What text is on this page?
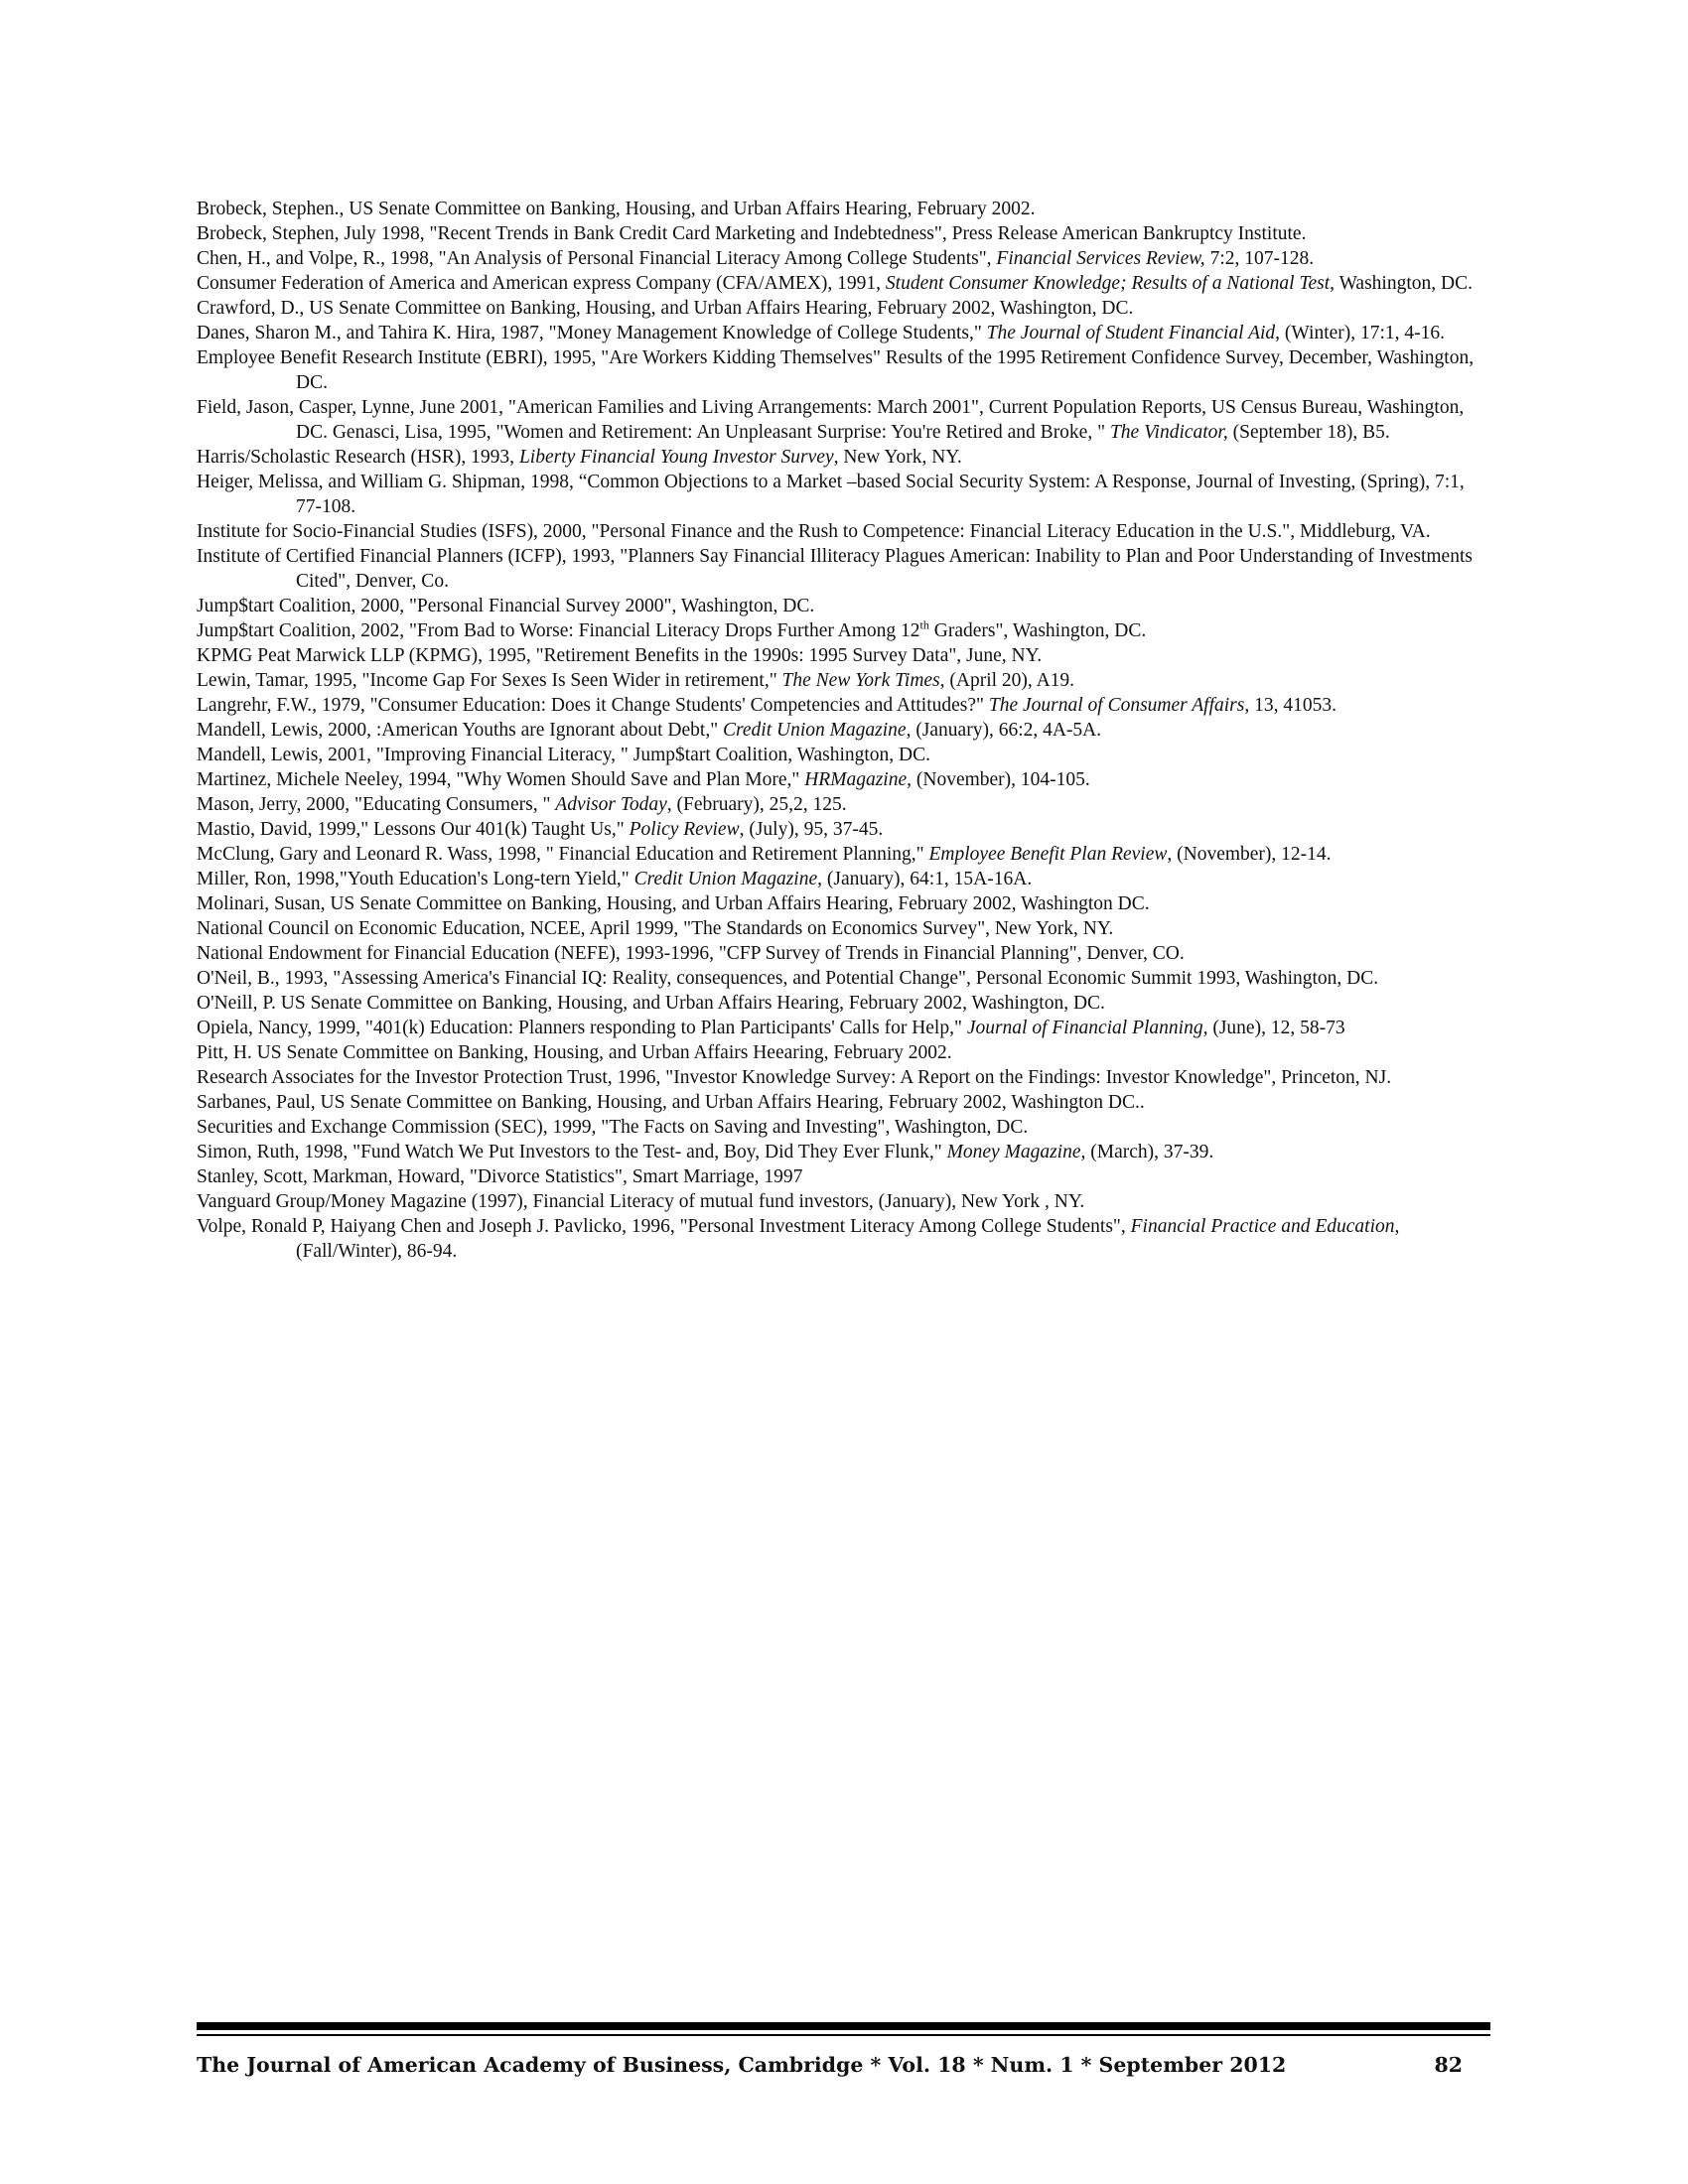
Brobeck, Stephen., US Senate Committee on Banking, Housing, and Urban Affairs Hearing, February 2002.

Brobeck, Stephen, July 1998, "Recent Trends in Bank Credit Card Marketing and Indebtedness", Press Release American Bankruptcy Institute.

Chen, H., and Volpe, R., 1998, "An Analysis of Personal Financial Literacy Among College Students", Financial Services Review, 7:2, 107-128.

Consumer Federation of America and American express Company (CFA/AMEX), 1991, Student Consumer Knowledge; Results of a National Test, Washington, DC.

Crawford, D., US Senate Committee on Banking, Housing, and Urban Affairs Hearing, February 2002, Washington, DC.

Danes, Sharon M., and Tahira K. Hira, 1987, "Money Management Knowledge of College Students," The Journal of Student Financial Aid, (Winter), 17:1, 4-16.

Employee Benefit Research Institute (EBRI), 1995, "Are Workers Kidding Themselves" Results of the 1995 Retirement Confidence Survey, December, Washington, DC.

Field, Jason, Casper, Lynne, June 2001, "American Families and Living Arrangements: March 2001", Current Population Reports, US Census Bureau, Washington, DC. Genasci, Lisa, 1995, "Women and Retirement: An Unpleasant Surprise: You're Retired and Broke, " The Vindicator, (September 18), B5.

Harris/Scholastic Research (HSR), 1993, Liberty Financial Young Investor Survey, New York, NY.

Heiger, Melissa, and William G. Shipman, 1998, “Common Objections to a Market –based Social Security System: A Response, Journal of Investing, (Spring), 7:1, 77-108.

Institute for Socio-Financial Studies (ISFS), 2000, "Personal Finance and the Rush to Competence: Financial Literacy Education in the U.S.", Middleburg, VA.

Institute of Certified Financial Planners (ICFP), 1993, "Planners Say Financial Illiteracy Plagues American: Inability to Plan and Poor Understanding of Investments Cited", Denver, Co.

Jump$tart Coalition, 2000, "Personal Financial Survey 2000", Washington, DC.

Jump$tart Coalition, 2002, "From Bad to Worse: Financial Literacy Drops Further Among 12th Graders", Washington, DC.

KPMG Peat Marwick LLP (KPMG), 1995, "Retirement Benefits in the 1990s: 1995 Survey Data", June, NY.

Lewin, Tamar, 1995, "Income Gap For Sexes Is Seen Wider in retirement," The New York Times, (April 20), A19.

Langrehr, F.W., 1979, "Consumer Education: Does it Change Students' Competencies and Attitudes?" The Journal of Consumer Affairs, 13, 41053.

Mandell, Lewis, 2000, :American Youths are Ignorant about Debt," Credit Union Magazine, (January), 66:2, 4A-5A.

Mandell, Lewis, 2001, "Improving Financial Literacy, " Jump$tart Coalition, Washington, DC.

Martinez, Michele Neeley, 1994, "Why Women Should Save and Plan More," HRMagazine, (November), 104-105.

Mason, Jerry, 2000, "Educating Consumers, " Advisor Today, (February), 25,2, 125.

Mastio, David, 1999," Lessons Our 401(k) Taught Us," Policy Review, (July), 95, 37-45.

McClung, Gary and Leonard R. Wass, 1998, " Financial Education and Retirement Planning," Employee Benefit Plan Review, (November), 12-14.

Miller, Ron, 1998,"Youth Education's Long-tern Yield," Credit Union Magazine, (January), 64:1, 15A-16A.

Molinari, Susan, US Senate Committee on Banking, Housing, and Urban Affairs Hearing, February 2002, Washington DC.

National Council on Economic Education, NCEE, April 1999, "The Standards on Economics Survey", New York, NY.

National Endowment for Financial Education (NEFE), 1993-1996, "CFP Survey of Trends in Financial Planning", Denver, CO.

O'Neil, B., 1993, "Assessing America's Financial IQ: Reality, consequences, and Potential Change", Personal Economic Summit 1993, Washington, DC.

O'Neill, P. US Senate Committee on Banking, Housing, and Urban Affairs Hearing, February 2002, Washington, DC.

Opiela, Nancy, 1999, "401(k) Education: Planners responding to Plan Participants' Calls for Help," Journal of Financial Planning, (June), 12, 58-73

Pitt, H. US Senate Committee on Banking, Housing, and Urban Affairs Heearing, February 2002.

Research Associates for the Investor Protection Trust, 1996, "Investor Knowledge Survey: A Report on the Findings: Investor Knowledge", Princeton, NJ.

Sarbanes, Paul, US Senate Committee on Banking, Housing, and Urban Affairs Hearing, February 2002, Washington DC..

Securities and Exchange Commission (SEC), 1999, "The Facts on Saving and Investing", Washington, DC.

Simon, Ruth, 1998, "Fund Watch We Put Investors to the Test- and, Boy, Did They Ever Flunk," Money Magazine, (March), 37-39.

Stanley, Scott, Markman, Howard, "Divorce Statistics", Smart Marriage, 1997

Vanguard Group/Money Magazine (1997), Financial Literacy of mutual fund investors, (January), New York , NY.

Volpe, Ronald P, Haiyang Chen and Joseph J. Pavlicko, 1996, "Personal Investment Literacy Among College Students", Financial Practice and Education, (Fall/Winter), 86-94.

The Journal of American Academy of Business, Cambridge * Vol. 18 * Num. 1 * September 2012	82
